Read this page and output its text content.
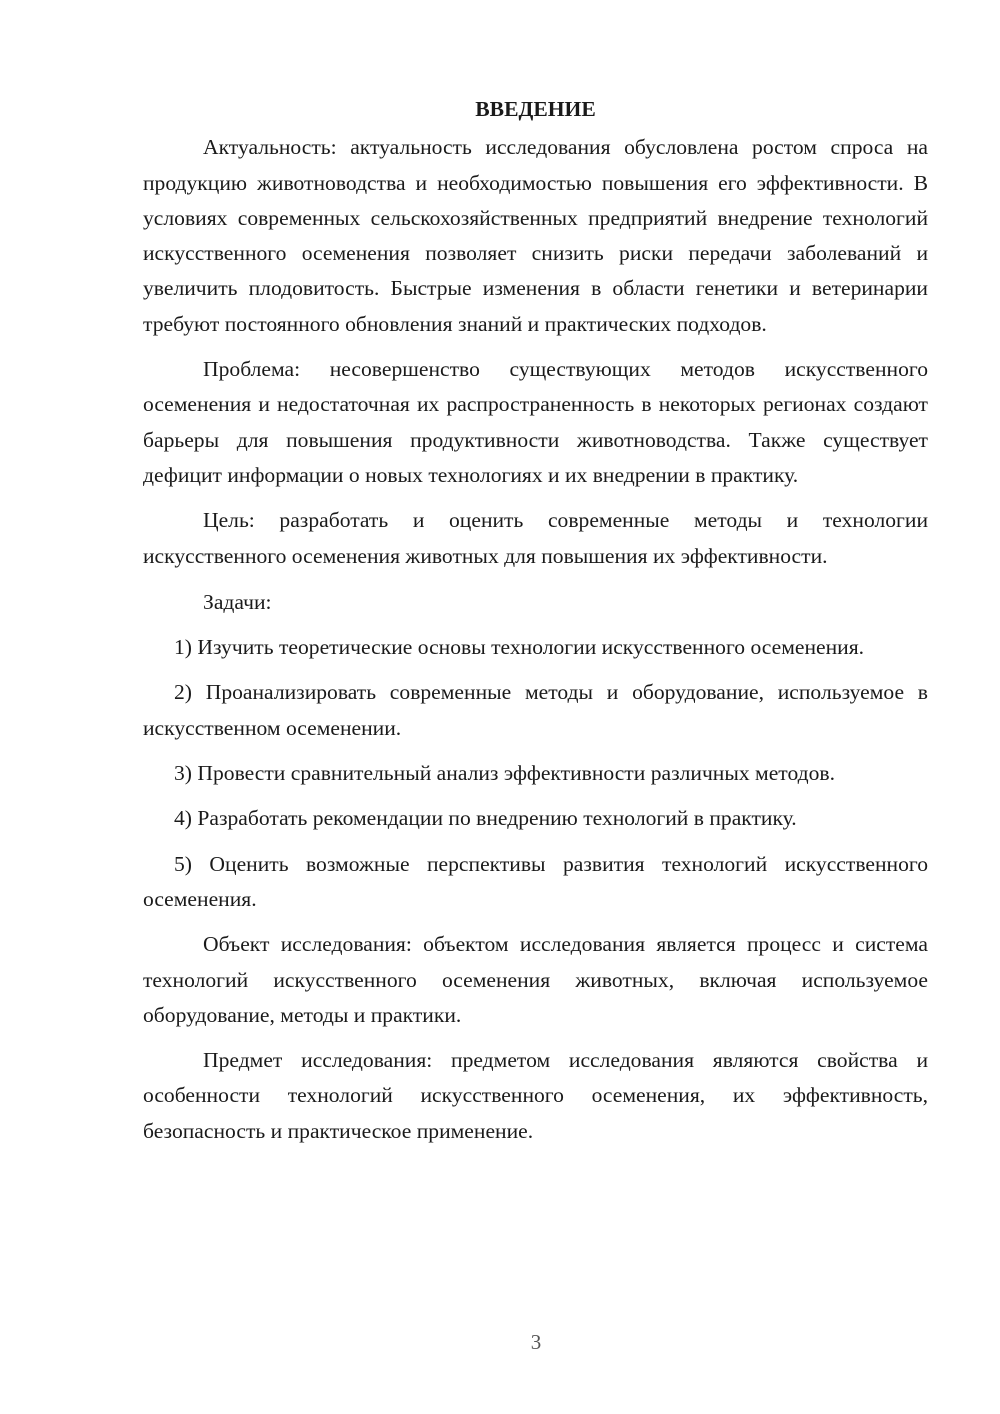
ВВЕДЕНИЕ

Актуальность: актуальность исследования обусловлена ростом спроса на продукцию животноводства и необходимостью повышения его эффективности. В условиях современных сельскохозяйственных предприятий внедрение технологий искусственного осеменения позволяет снизить риски передачи заболеваний и увеличить плодовитость. Быстрые изменения в области генетики и ветеринарии требуют постоянного обновления знаний и практических подходов.

Проблема: несовершенство существующих методов искусственного осеменения и недостаточная их распространенность в некоторых регионах создают барьеры для повышения продуктивности животноводства. Также существует дефицит информации о новых технологиях и их внедрении в практику.

Цель: разработать и оценить современные методы и технологии искусственного осеменения животных для повышения их эффективности.

Задачи:

1) Изучить теоретические основы технологии искусственного осеменения.

2) Проанализировать современные методы и оборудование, используемое в искусственном осеменении.

3) Провести сравнительный анализ эффективности различных методов.

4) Разработать рекомендации по внедрению технологий в практику.

5) Оценить возможные перспективы развития технологий искусственного осеменения.

Объект исследования: объектом исследования является процесс и система технологий искусственного осеменения животных, включая используемое оборудование, методы и практики.

Предмет исследования: предметом исследования являются свойства и особенности технологий искусственного осеменения, их эффективность, безопасность и практическое применение.

3
